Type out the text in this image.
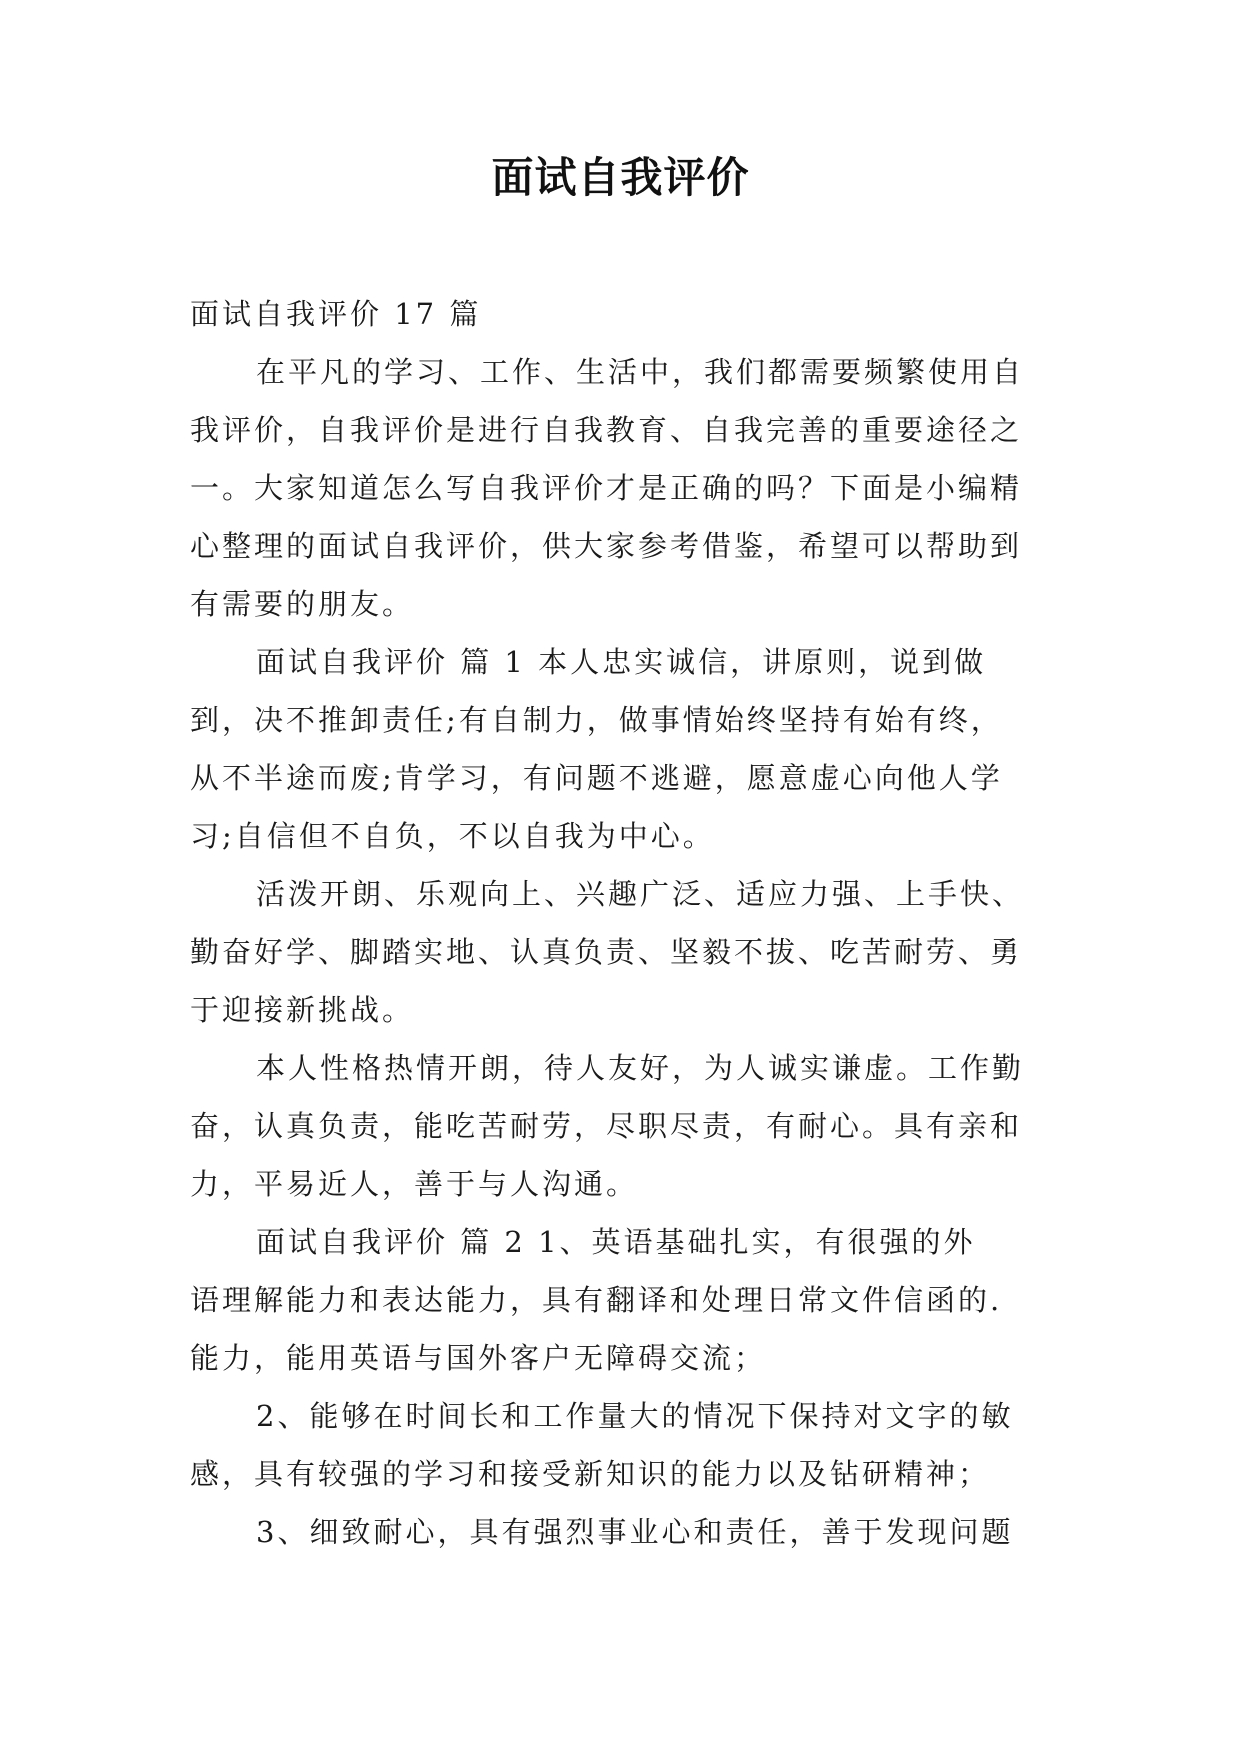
面试自我评价
面试自我评价 17 篇
在平凡的学习、工作、生活中，我们都需要频繁使用自
我评价，自我评价是进行自我教育、自我完善的重要途径之
一。大家知道怎么写自我评价才是正确的吗？下面是小编精
心整理的面试自我评价，供大家参考借鉴，希望可以帮助到
有需要的朋友。
面试自我评价 篇 1 本人忠实诚信，讲原则，说到做
到，决不推卸责任;有自制力，做事情始终坚持有始有终，
从不半途而废;肯学习，有问题不逃避，愿意虚心向他人学
习;自信但不自负，不以自我为中心。
活泼开朗、乐观向上、兴趣广泛、适应力强、上手快、
勤奋好学、脚踏实地、认真负责、坚毅不拔、吃苦耐劳、勇
于迎接新挑战。
本人性格热情开朗，待人友好，为人诚实谦虚。工作勤
奋，认真负责，能吃苦耐劳，尽职尽责，有耐心。具有亲和
力，平易近人，善于与人沟通。
面试自我评价 篇 2 1、英语基础扎实，有很强的外
语理解能力和表达能力，具有翻译和处理日常文件信函的.
能力，能用英语与国外客户无障碍交流；
2、能够在时间长和工作量大的情况下保持对文字的敏
感，具有较强的学习和接受新知识的能力以及钻研精神；
3、细致耐心，具有强烈事业心和责任，善于发现问题
